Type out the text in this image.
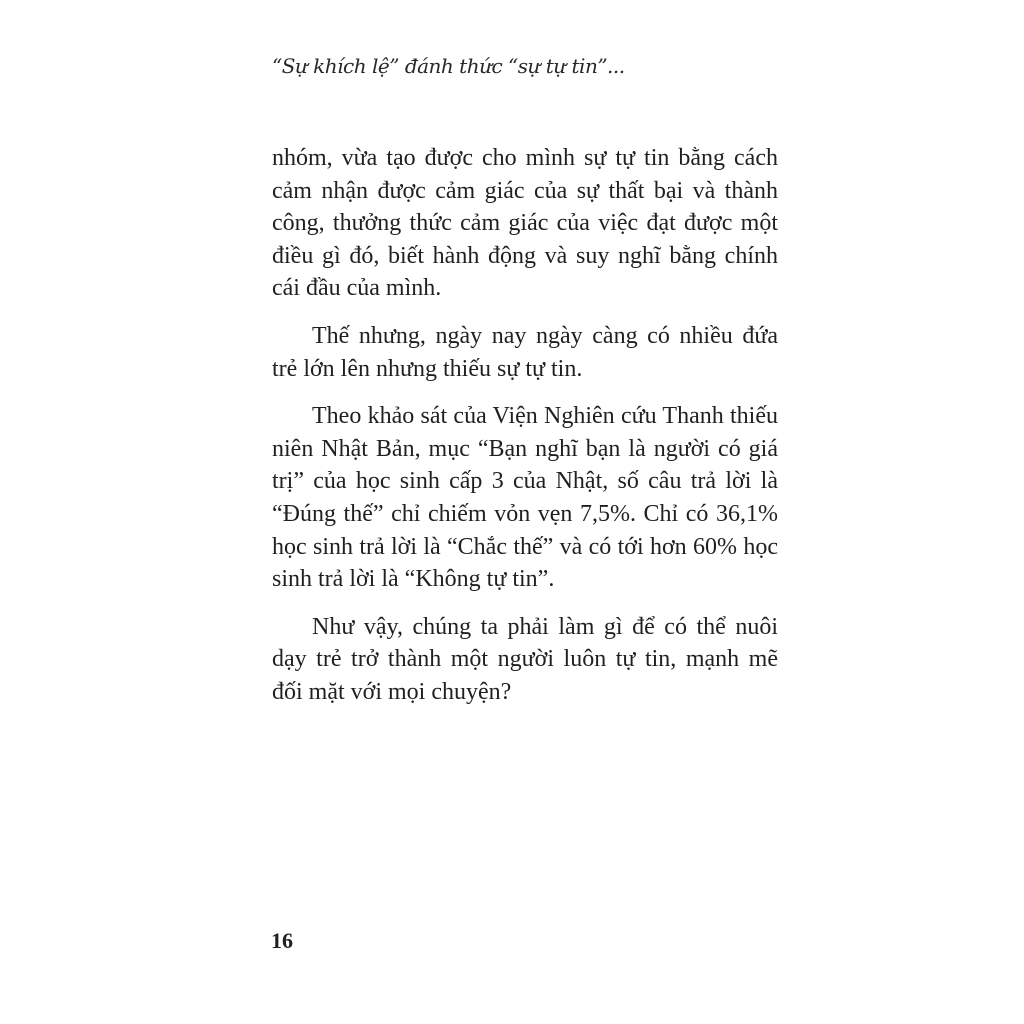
“Sự khích lệ” đánh thức “sự tự tin”...

nhóm, vừa tạo được cho mình sự tự tin bằng cách cảm nhận được cảm giác của sự thất bại và thành công, thưởng thức cảm giác của việc đạt được một điều gì đó, biết hành động và suy nghĩ bằng chính cái đầu của mình.

Thế nhưng, ngày nay ngày càng có nhiều đứa trẻ lớn lên nhưng thiếu sự tự tin.

Theo khảo sát của Viện Nghiên cứu Thanh thiếu niên Nhật Bản, mục “Bạn nghĩ bạn là người có giá trị” của học sinh cấp 3 của Nhật, số câu trả lời là “Đúng thế” chỉ chiếm vỏn vẹn 7,5%. Chỉ có 36,1% học sinh trả lời là “Chắc thế” và có tới hơn 60% học sinh trả lời là “Không tự tin”.

Như vậy, chúng ta phải làm gì để có thể nuôi dạy trẻ trở thành một người luôn tự tin, mạnh mẽ đối mặt với mọi chuyện?

16
